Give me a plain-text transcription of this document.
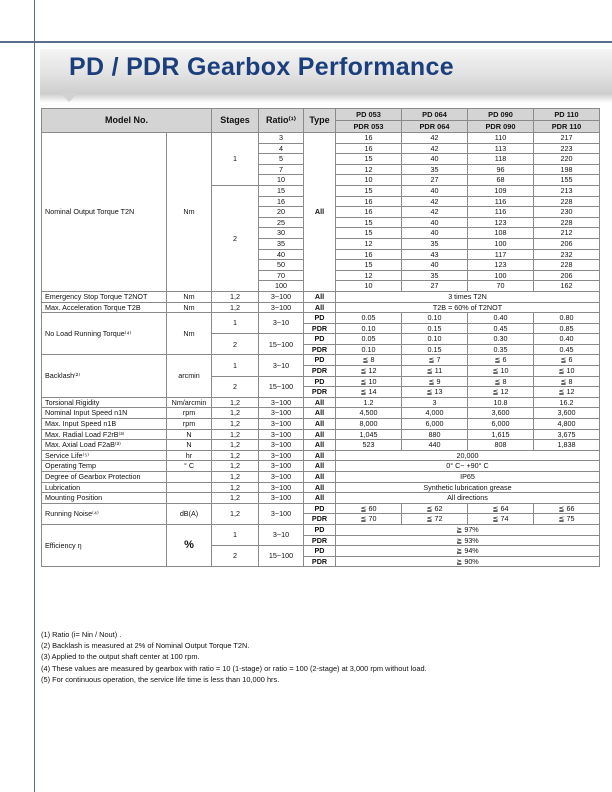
PD / PDR Gearbox Performance
Model No.		Stages	Ratio⁽¹⁾	Type	PD 053	PD 064	PD 090	PD 110
					PDR 053	PDR 064	PDR 090	PDR 110
Nominal Output Torque T2N	Nm	1	3	All	16	42	110	217
			4		16	42	113	223
			5		15	40	118	220
			7		12	35	96	198
			10		10	27	68	155
		2	15		15	40	109	213
			16		16	42	116	228
			20		16	42	116	230
			25		15	40	123	228
			30		15	40	108	212
			35		12	35	100	206
			40		16	43	117	232
			50		15	40	123	228
			70		12	35	100	206
			100		10	27	70	162
Emergency Stop Torque T2NOT	Nm	1,2	3~100	All	3 times T2N			
Max. Acceleration Torque T2B	Nm	1,2	3~100	All	T2B = 60% of T2NOT			
No Load Running Torque⁽⁴⁾	Nm	1	3~10	PD	0.05	0.10	0.40	0.80
				PDR	0.10	0.15	0.45	0.85
		2	15~100	PD	0.05	0.10	0.30	0.40
				PDR	0.10	0.15	0.35	0.45
Backlash⁽²⁾	arcmin	1	3~10	PD	≦ 8	≦ 7	≦ 6	≦ 6
				PDR	≦ 12	≦ 11	≦ 10	≦ 10
		2	15~100	PD	≦ 10	≦ 9	≦ 8	≦ 8
				PDR	≦ 14	≦ 13	≦ 12	≦ 12
Torsional Rigidity	Nm/arcmin	1,2	3~100	All	1.2	3	10.8	16.2
Nominal Input Speed n1N	rpm	1,2	3~100	All	4,500	4,000	3,600	3,600
Max. Input Speed n1B	rpm	1,2	3~100	All	8,000	6,000	6,000	4,800
Max. Radial Load F2rB⁽³⁾	N	1,2	3~100	All	1,045	880	1,615	3,675
Max. Axial Load F2aB⁽³⁾	N	1,2	3~100	All	523	440	808	1,838
Service Life⁽⁵⁾	hr	1,2	3~100	All	20,000			
Operating Temp	° C	1,2	3~100	All	0° C~ +90° C			
Degree of Gearbox Protection		1,2	3~100	All	IP65			
Lubrication		1,2	3~100	All	Synthetic lubrication grease			
Mounting Position		1,2	3~100	All	All directions			
Running Noise⁽⁴⁾	dB(A)	1,2	3~100	PD	≦ 60	≦ 62	≦ 64	≦ 66
				PDR	≦ 70	≦ 72	≦ 74	≦ 75
Efficiency η	%	1	3~10	PD	≧ 97%			
				PDR	≧ 93%			
		2	15~100	PD	≧ 94%			
				PDR	≧ 90%			
(1) Ratio (i= Nin / Nout) .
(2) Backlash is measured at 2% of Nominal Output Torque T2N.
(3) Applied to the output shaft center at 100 rpm.
(4) These values are measured by gearbox with ratio = 10 (1-stage) or ratio = 100 (2-stage) at 3,000 rpm without load.
(5) For continuous operation, the service life time is less than 10,000 hrs.
